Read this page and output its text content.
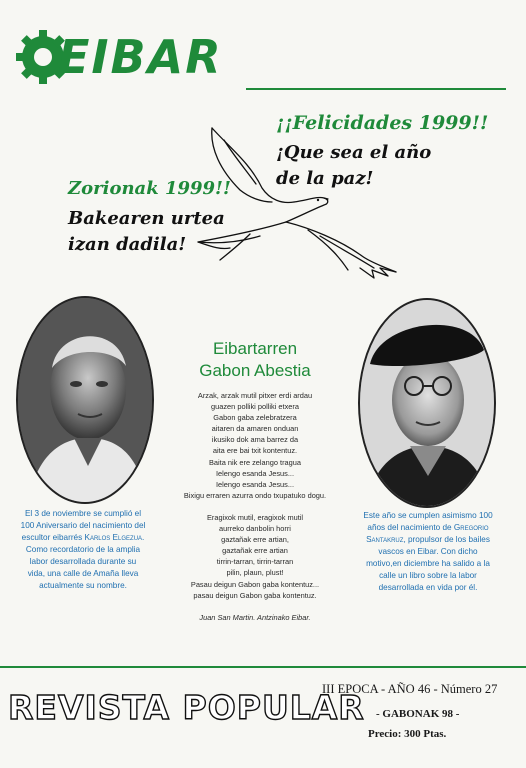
EIBAR
¡¡Felicidades 1999!!
¡Que sea el año
de la paz!
Zorionak 1999!!
Bakearen urtea
izan dadila!
Eibartarren
Gabon Abestia
Arzak, arzak mutil pitxer erdi ardau
guazen polliki polliki etxera
Gabon gaba zelebratzera
aitaren da amaren onduan
ikusiko dok ama barrez da
aita ere bai txit kontentuz.
Baita nik ere zelango tragua
Ielengo esanda Jesus...
Ielengo esanda Jesus...
Bixigu erraren azurra ondo txupatuko dogu.
Eragixok mutil, eragixok mutil
aurreko danbolin horri
gaztañak erre artian,
gaztañak erre artian
tirrin-tarran, tirrin-tarran
pilin, plaun, plust!
Pasau deigun Gabon gaba kontentuz...
pasau deigun Gabon gaba kontentuz.
Juan San Martin. Antzinako Eibar.
El 3 de noviembre se cumplió el 100 Aniversario del nacimiento del escultor eibarrés Karlos Elgezua. Como recordatorio de la amplia labor desarrollada durante su vida, una calle de Amaña lleva actualmente su nombre.
Este año se cumplen asimismo 100 años del nacimiento de Gregorio Santakruz, propulsor de los bailes vascos en Eibar. Con dicho motivo,en diciembre ha salido a la calle un libro sobre la labor desarrollada en vida por él.
REVISTA POPULAR
III EPOCA - AÑO 46 - Número 27
- GABONAK 98 -
Precio: 300 Ptas.
